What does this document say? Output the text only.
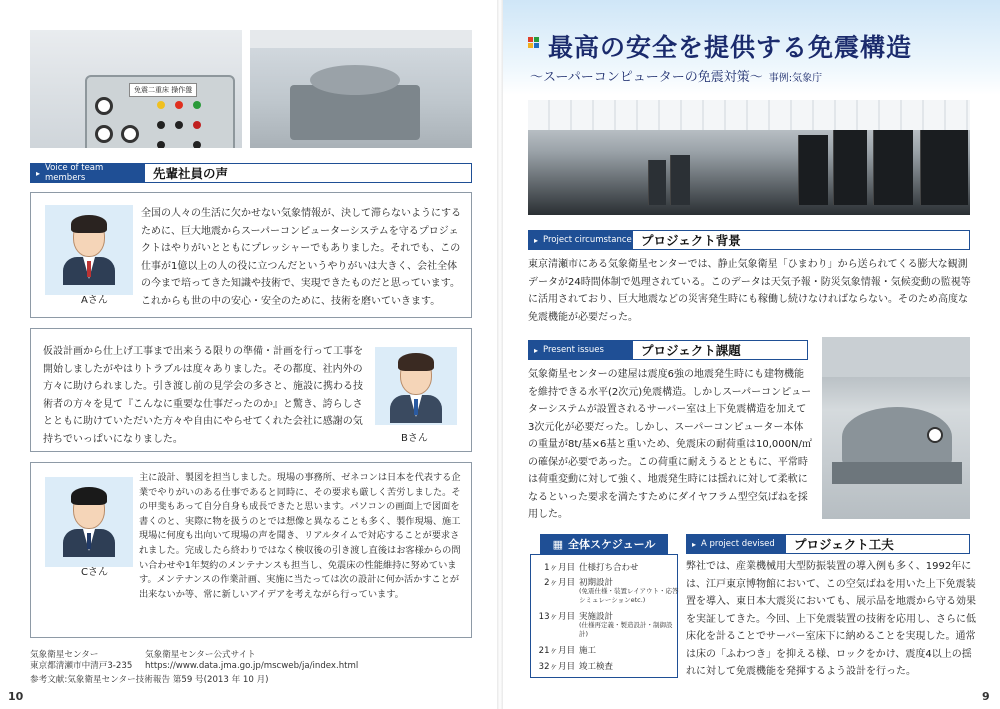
免震二重床 操作盤
▸ Voice of team members	先輩社員の声
Aさん
全国の人々の生活に欠かせない気象情報が、決して滞らないようにするために、巨大地震からスーパーコンピューターシステムを守るプロジェクトはやりがいとともにプレッシャーでもありました。それでも、この仕事が1億以上の人の役に立つんだというやりがいは大きく、会社全体の今まで培ってきた知識や技術で、実現できたものだと思っています。これからも世の中の安心・安全のために、技術を磨いていきます。
仮設計画から仕上げ工事まで出来うる限りの準備・計画を行って工事を開始しましたがやはりトラブルは度々ありました。その都度、社内外の方々に助けられました。引き渡し前の見学会の多さと、施設に携わる技術者の方々を見て『こんなに重要な仕事だったのか』と驚き、誇らしさとともに助けていただいた方々や自由にやらせてくれた会社に感謝の気持ちでいっぱいになりました。	Bさん
Cさん
主に設計、製図を担当しました。現場の事務所、ゼネコンは日本を代表する企業でやりがいのある仕事であると同時に、その要求も厳しく苦労しました。その甲斐もあって自分自身も成長できたと思います。パソコンの画面上で図面を書くのと、実際に物を扱うのとでは想像と異なることも多く、製作現場、施工現場に何度も出向いて現場の声を聞き、リアルタイムで対応することが要求されました。完成したら終わりではなく検収後の引き渡し直後はお客様からの問い合わせや1年契約のメンテナンスも担当し、免震床の性能維持に努めています。メンテナンスの作業計画、実施に当たっては次の設計に何か活かすことが出来ないか等、常に新しいアイデアを考えながら行っています。
気象衛星センター
東京都清瀬市中清戸3-235
気象衛星センター公式サイト
https://www.data.jma.go.jp/mscweb/ja/index.html
参考文献:気象衛星センター技術報告 第59 号(2013 年 10 月)
10
最高の安全を提供する免震構造
〜スーパーコンピューターの免震対策〜 事例:気象庁
▸ Project circumstance プロジェクト背景
東京清瀬市にある気象衛星センターでは、静止気象衛星「ひまわり」から送られてくる膨大な観測データが24時間体制で処理されている。このデータは天気予報・防災気象情報・気候変動の監視等に活用されており、巨大地震などの災害発生時にも稼働し続けなければならない。そのため高度な免震機能が必要だった。
▸ Present issues	プロジェクト課題
気象衛星センターの建屋は震度6強の地震発生時にも建物機能を維持できる水平(2次元)免震構造。しかしスーパーコンピューターシステムが設置されるサーバー室は上下免震構造を加えて3次元化が必要だった。しかし、スーパーコンピューター本体の重量が8t/基×6基と重いため、免震床の耐荷重は10,000N/㎡の確保が必要であった。この荷重に耐えうるとともに、平常時は荷重変動に対して強く、地震発生時には揺れに対して柔軟になるといった要求を満たすためにダイヤフラム型空気ばねを採用した。
▦ 全体スケジュール
1ヶ月目 仕様打ち合わせ
2ヶ月目 初期設計
(免震仕様・装置レイアウト・応答シミュレーションetc.)
13ヶ月目 実施設計
(仕様再定義・製造設計・制御設計)
21ヶ月目 施工
32ヶ月目 竣工検査
▸ A project devised	プロジェクト工夫
弊社では、産業機械用大型防振装置の導入例も多く、1992年には、江戸東京博物館において、この空気ばねを用いた上下免震装置を導入、東日本大震災においても、展示品を地震から守る効果を実証してきた。今回、上下免震装置の技術を応用し、さらに低床化を計ることでサーバー室床下に納めることを実現した。通常は床の「ふわつき」を抑える様、ロックをかけ、震度4以上の揺れに対して免震機能を発揮するよう設計を行った。
9
